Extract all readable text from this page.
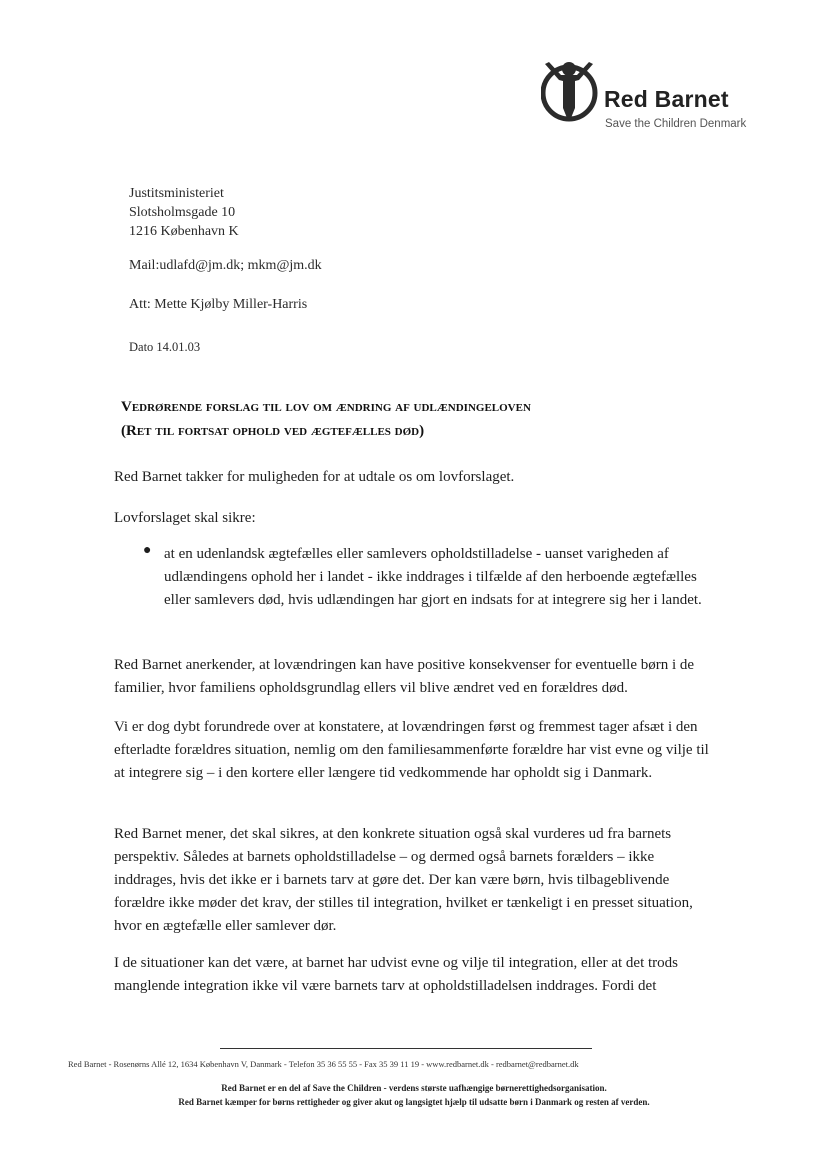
Red Barnet
Save the Children Denmark
Justitsministeriet
Slotsholmsgade 10
1216 København K
Mail:udlafd@jm.dk; mkm@jm.dk
Att: Mette Kjølby Miller-Harris
Dato 14.01.03
Vedrørende forslag til lov om ændring af udlændingeloven
(Ret til fortsat ophold ved ægtefælles død)
Red Barnet takker for muligheden for at udtale os om lovforslaget.
Lovforslaget skal sikre:
● at en udenlandsk ægtefælles eller samlevers opholdstilladelse - uanset varigheden af udlændingens ophold her i landet - ikke inddrages i tilfælde af den herboende ægtefælles eller samlevers død, hvis udlændingen har gjort en indsats for at integrere sig her i landet.
Red Barnet anerkender, at lovændringen kan have positive konsekvenser for eventuelle børn i de familier, hvor familiens opholdsgrundlag ellers vil blive ændret ved en forældres død.
Vi er dog dybt forundrede over at konstatere, at lovændringen først og fremmest tager afsæt i den efterladte forældres situation, nemlig om den familiesammenførte forældre har vist evne og vilje til at integrere sig – i den kortere eller længere tid vedkommende har opholdt sig i Danmark.
Red Barnet mener, det skal sikres, at den konkrete situation også skal vurderes ud fra barnets perspektiv. Således at barnets opholdstilladelse – og dermed også barnets forælders – ikke inddrages, hvis det ikke er i barnets tarv at gøre det. Der kan være børn, hvis tilbageblivende forældre ikke møder det krav, der stilles til integration, hvilket er tænkeligt i en presset situation, hvor en ægtefælle eller samlever dør.
I de situationer kan det være, at barnet har udvist evne og vilje til integration, eller at det trods manglende integration ikke vil være barnets tarv at opholdstilladelsen inddrages. Fordi det
Red Barnet - Rosenørns Allé 12, 1634 København V, Danmark - Telefon 35 36 55 55 - Fax 35 39 11 19 - www.redbarnet.dk - redbarnet@redbarnet.dk
Red Barnet er en del af Save the Children - verdens største uafhængige børnerettighedsorganisation.
Red Barnet kæmper for børns rettigheder og giver akut og langsigtet hjælp til udsatte børn i Danmark og resten af verden.
